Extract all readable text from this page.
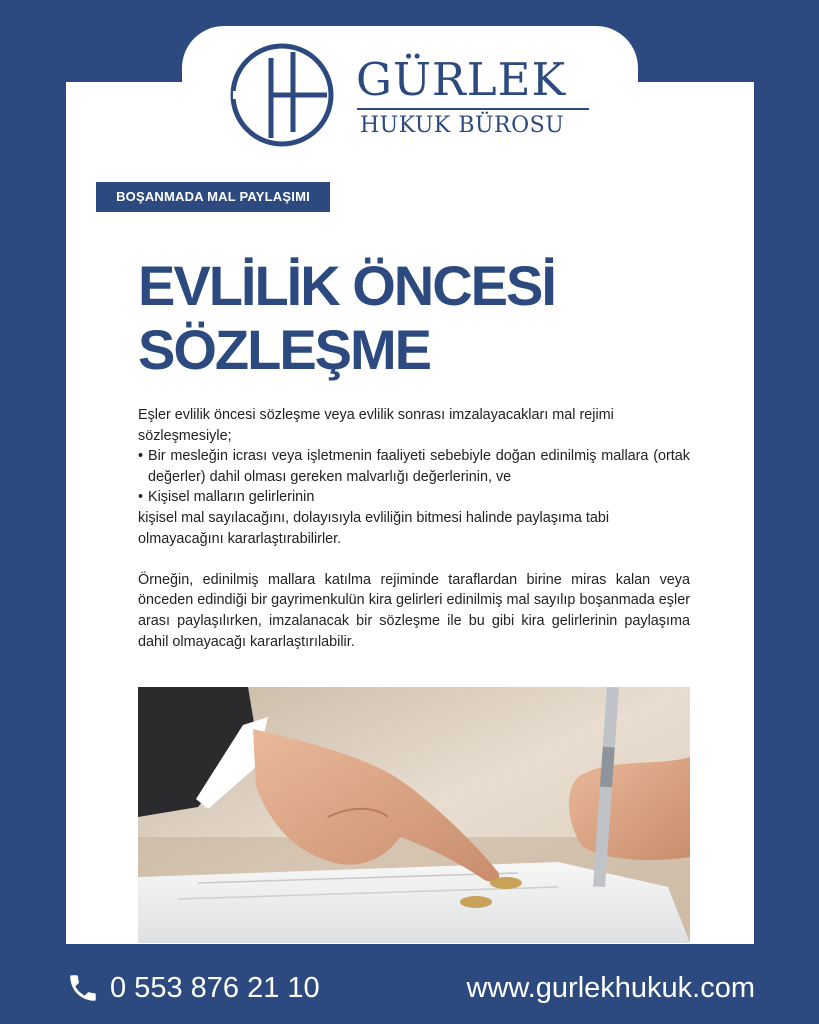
GÜRLEK
HUKUK BÜROSU
BOŞANMADA MAL PAYLAŞIMI
EVLİLİK ÖNCESİ
SÖZLEŞME

Eşler evlilik öncesi sözleşme veya evlilik sonrası imzalayacakları mal rejimi sözleşmesiyle;

• Bir mesleğin icrası veya işletmenin faaliyeti sebebiyle doğan edinilmiş mallara (ortak değerler) dahil olması gereken malvarlığı değerlerinin, ve
• Kişisel malların gelirlerinin

kişisel mal sayılacağını, dolayısıyla evliliğin bitmesi halinde paylaşıma tabi olmayacağını kararlaştırabilirler.

Örneğin, edinilmiş mallara katılma rejiminde taraflardan birine miras kalan veya önceden edindiği bir gayrimenkulün kira gelirleri edinilmiş mal sayılıp boşanmada eşler arası paylaşılırken, imzalanacak bir sözleşme ile bu gibi kira gelirlerinin paylaşıma dahil olmayacağı kararlaştırılabilir.

0 553 876 21 10	www.gurlekhukuk.com
